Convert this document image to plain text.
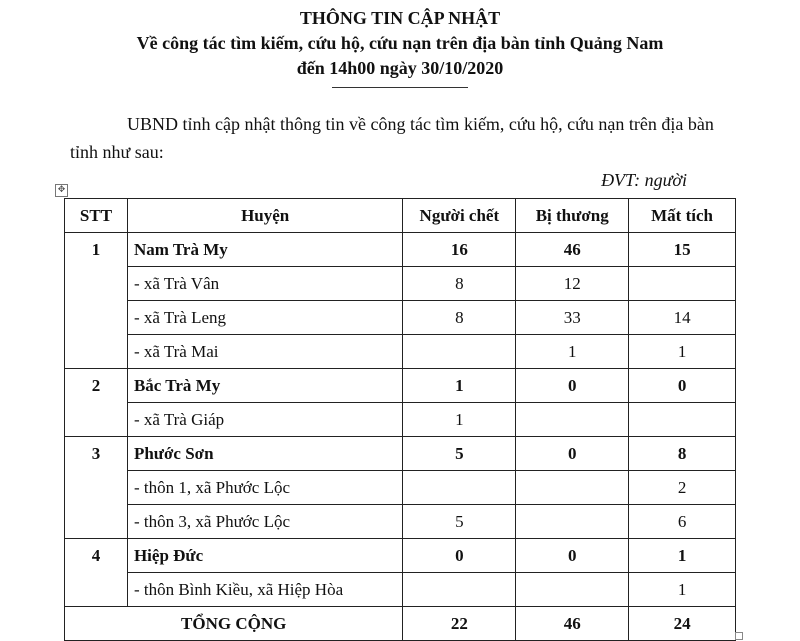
THÔNG TIN CẬP NHẬT
Về công tác tìm kiếm, cứu hộ, cứu nạn trên địa bàn tỉnh Quảng Nam
đến 14h00 ngày 30/10/2020
UBND tỉnh cập nhật thông tin về công tác tìm kiếm, cứu hộ, cứu nạn trên địa bàn tỉnh như sau:
ĐVT: người
✥
STT	Huyện	Người chết	Bị thương	Mất tích
1	Nam Trà My	16	46	15
	- xã Trà Vân	8	12	
	- xã Trà Leng	8	33	14
	- xã Trà Mai		1	1
2	Bắc Trà My	1	0	0
	- xã Trà Giáp	1		
3	Phước Sơn	5	0	8
	- thôn 1, xã Phước Lộc			2
	- thôn 3, xã Phước Lộc	5		6
4	Hiệp Đức	0	0	1
	- thôn Bình Kiều, xã Hiệp Hòa			1
TỔNG CỘNG		22	46	24
